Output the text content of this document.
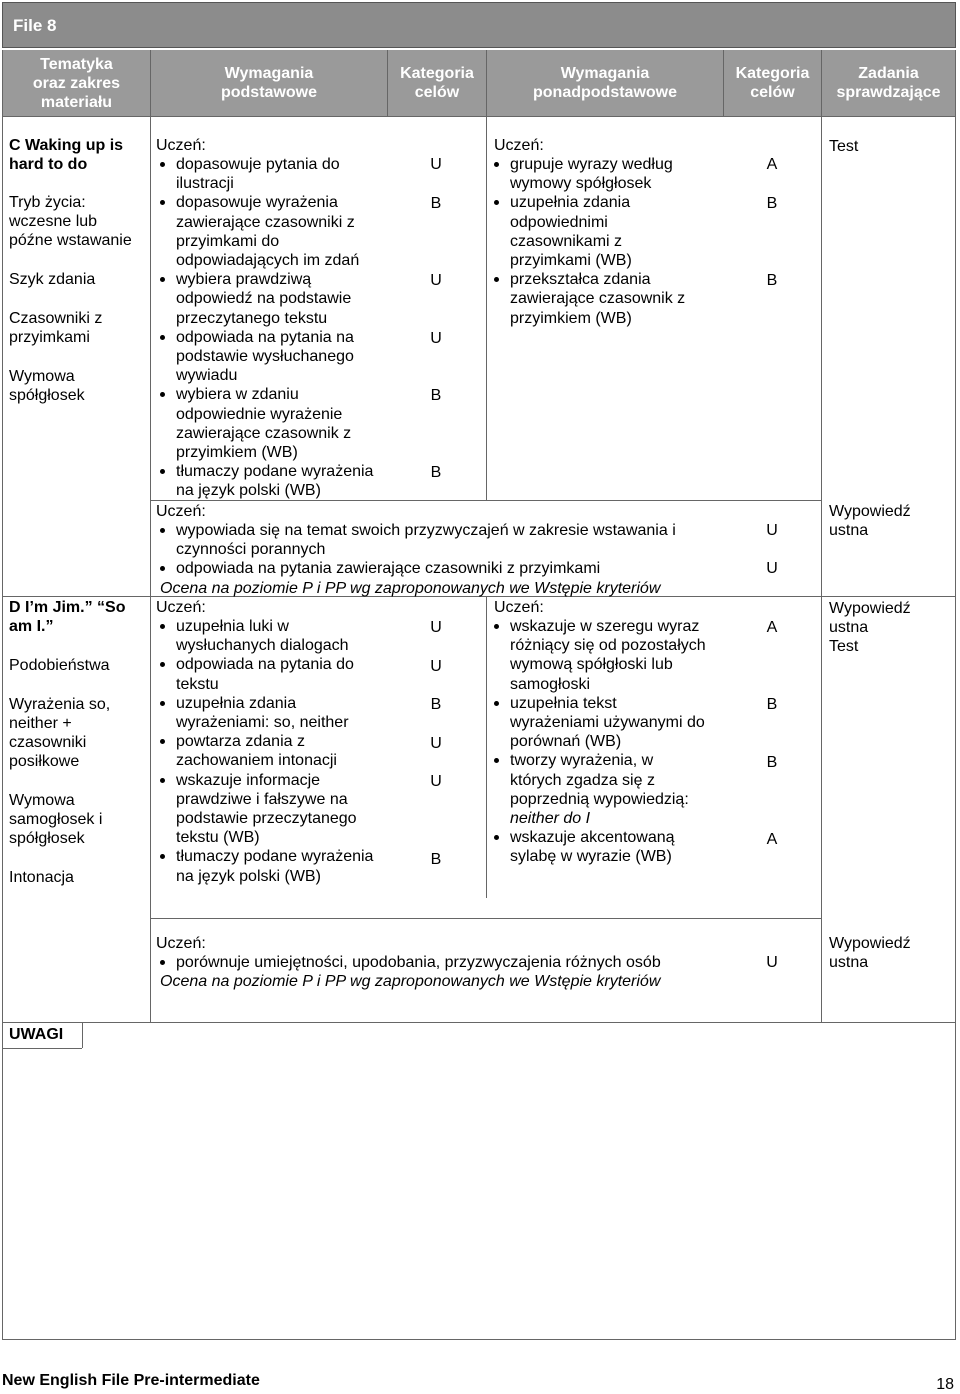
File 8
Tematyka
oraz zakres
materiału
Wymagania
podstawowe
Kategoria
celów
Wymagania
ponadpodstawowe
Kategoria
celów
Zadania
sprawdzające
C Waking up is
hard to do
Tryb życia:
wczesne lub
późne wstawanie
Szyk zdania
Czasowniki z
przyimkami
Wymowa
spółgłosek
Uczeń:
dopasowuje pytania do
ilustracji
dopasowuje wyrażenia
zawierające czasowniki z
przyimkami do
odpowiadających im zdań
wybiera prawdziwą
odpowiedź na podstawie
przeczytanego tekstu
odpowiada na pytania na
podstawie wysłuchanego
wywiadu
wybiera w zdaniu
odpowiednie wyrażenie
zawierające czasownik z
przyimkiem (WB)
tłumaczy podane wyrażenia
na język polski (WB)
U
B
U
U
B
B
Uczeń:
grupuje wyrazy według
wymowy spółgłosek
uzupełnia zdania
odpowiednimi
czasownikami z
przyimkami (WB)
przekształca zdania
zawierające czasownik z
przyimkiem (WB)
A
B
B
Test
Uczeń:
wypowiada się na temat swoich przyzwyczajeń w zakresie wstawania i
czynności porannych
odpowiada na pytania zawierające czasowniki z przyimkami
Ocena na poziomie P i PP wg zaproponowanych we Wstępie kryteriów
U
U
Wypowiedź
ustna
D I’m Jim.” “So
am I.”
Podobieństwa
Wyrażenia so,
neither +
czasowniki
posiłkowe
Wymowa
samogłosek i
spółgłosek
Intonacja
Uczeń:
uzupełnia luki w
wysłuchanych dialogach
odpowiada na pytania do
tekstu
uzupełnia zdania
wyrażeniami: so, neither
powtarza zdania z
zachowaniem intonacji
wskazuje informacje
prawdziwe i fałszywe na
podstawie przeczytanego
tekstu (WB)
tłumaczy podane wyrażenia
na język polski (WB)
U
U
B
U
U
B
Uczeń:
wskazuje w szeregu wyraz
różniący się od pozostałych
wymową spółgłoski lub
samogłoski
uzupełnia tekst
wyrażeniami używanymi do
porównań (WB)
tworzy wyrażenia, w
których zgadza się z
poprzednią wypowiedzią:
neither do I
wskazuje akcentowaną
sylabę w wyrazie (WB)
A
B
B
A
Wypowiedź
ustna
Test
Uczeń:
porównuje umiejętności, upodobania, przyzwyczajenia różnych osób
Ocena na poziomie P i PP wg zaproponowanych we Wstępie kryteriów
U
Wypowiedź
ustna
UWAGI
New English File Pre-intermediate	18
